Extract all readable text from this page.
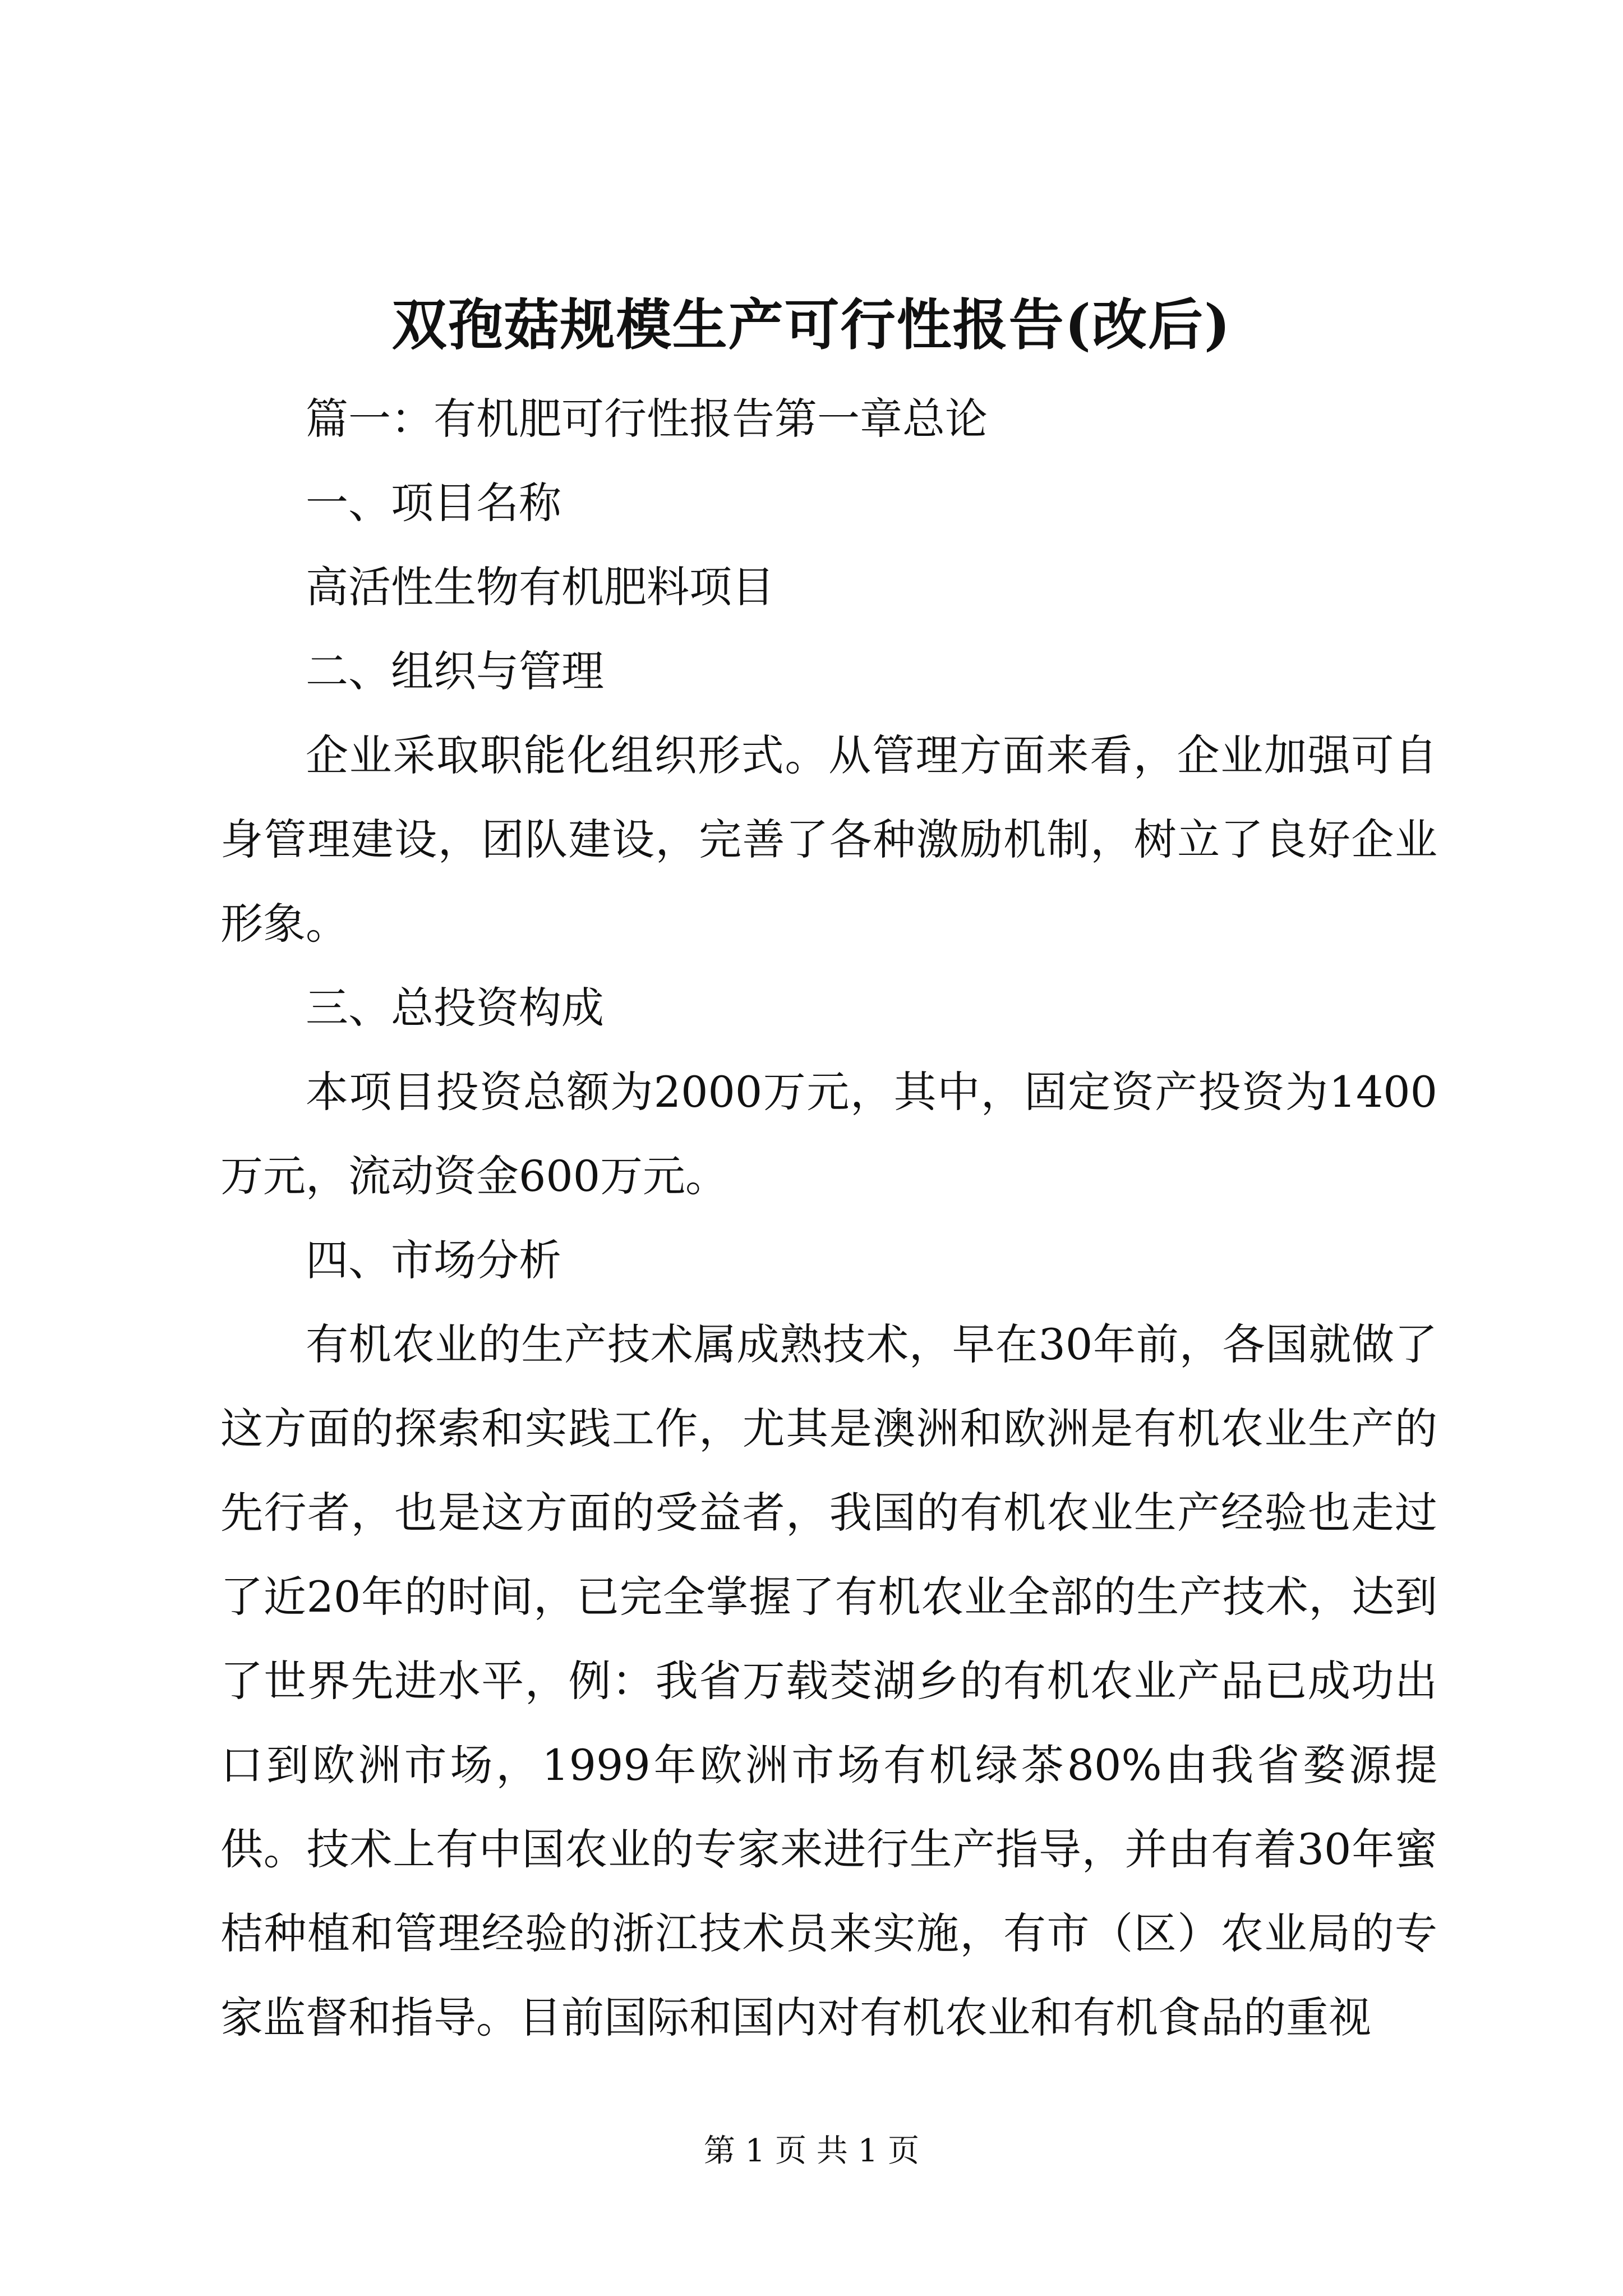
双孢菇规模生产可行性报告(改后)

篇一：有机肥可行性报告第一章总论

一、项目名称

高活性生物有机肥料项目

二、组织与管理

企业采取职能化组织形式。从管理方面来看，企业加强可自身管理建设，团队建设，完善了各种激励机制，树立了良好企业形象。

三、总投资构成

本项目投资总额为2000万元，其中，固定资产投资为1400万元，流动资金600万元。

四、市场分析

有机农业的生产技术属成熟技术，早在30年前，各国就做了这方面的探索和实践工作，尤其是澳洲和欧洲是有机农业生产的先行者，也是这方面的受益者，我国的有机农业生产经验也走过了近20年的时间，已完全掌握了有机农业全部的生产技术，达到了世界先进水平，例：我省万载茭湖乡的有机农业产品已成功出口到欧洲市场，1999年欧洲市场有机绿茶80%由我省婺源提供。技术上有中国农业的专家来进行生产指导，并由有着30年蜜桔种植和管理经验的浙江技术员来实施，有市（区）农业局的专家监督和指导。目前国际和国内对有机农业和有机食品的重视

第 1 页 共 1 页
